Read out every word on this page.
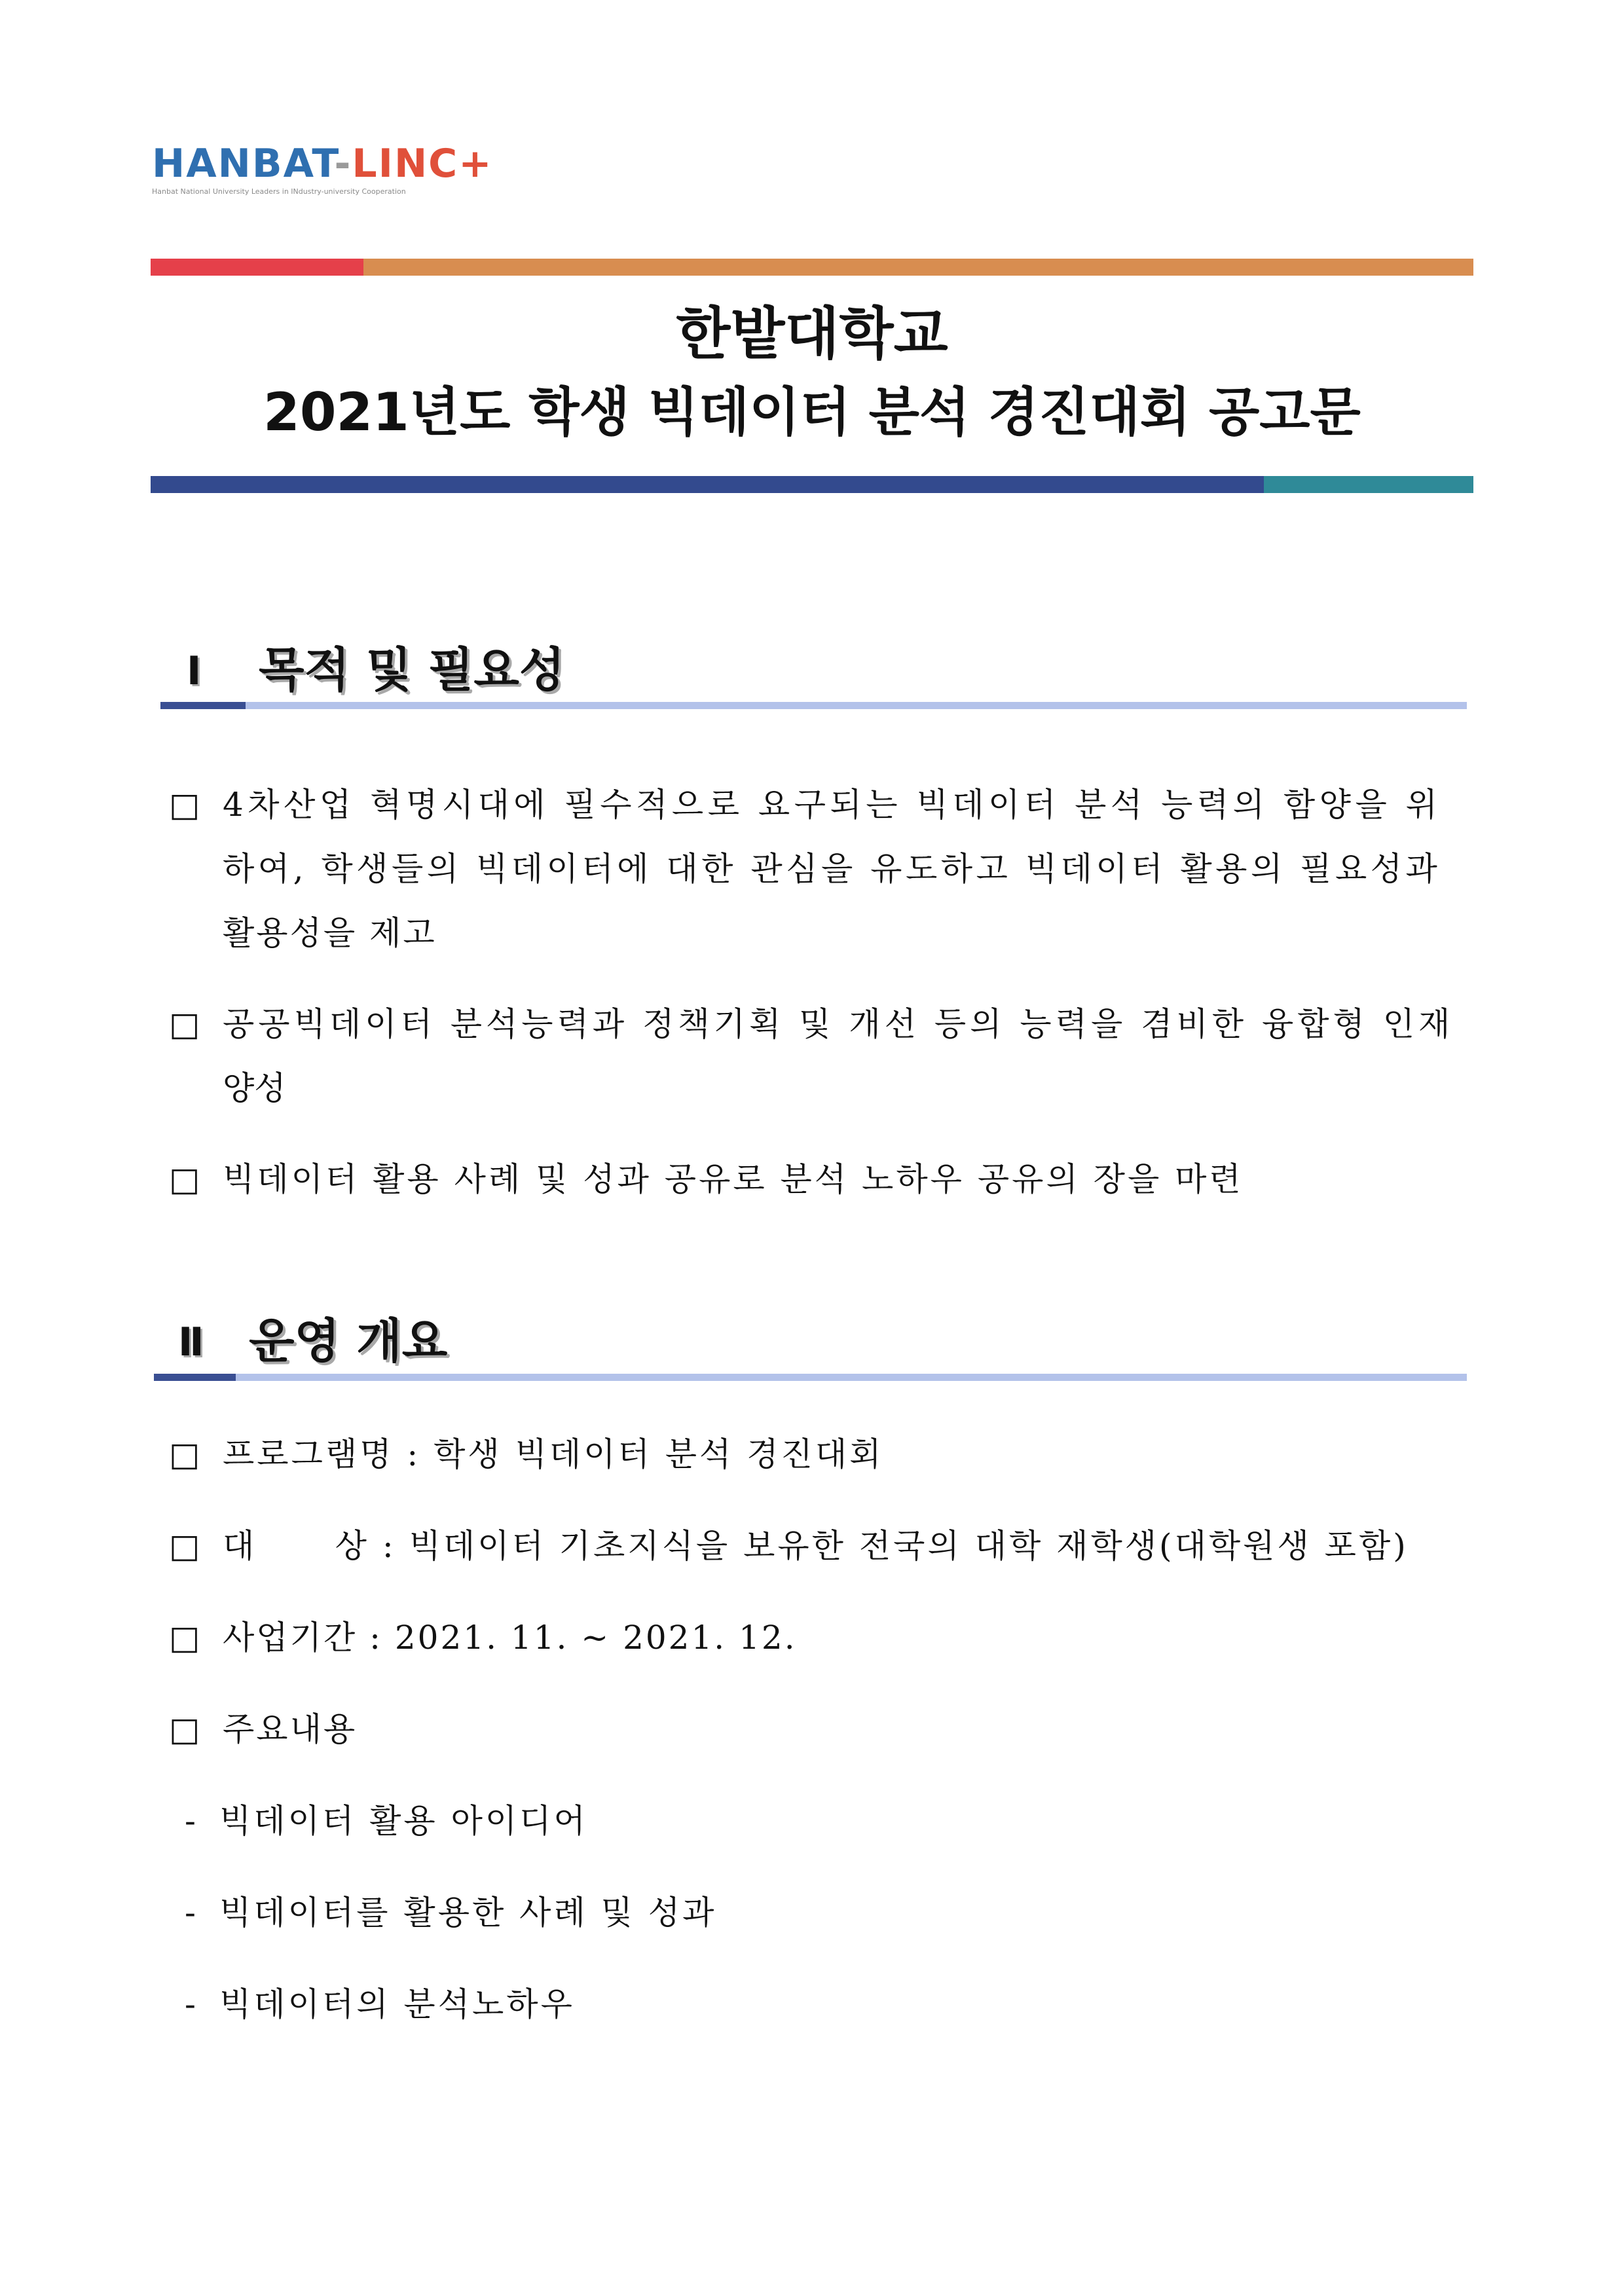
HANBAT-LINC+
Hanbat National University Leaders in INdustry-university Cooperation
한밭대학교
2021년도 학생 빅데이터 분석 경진대회 공고문
Ⅰ 목적 및 필요성
□ 4차산업 혁명시대에 필수적으로 요구되는 빅데이터 분석 능력의 함양을 위
하여, 학생들의 빅데이터에 대한 관심을 유도하고 빅데이터 활용의 필요성과
활용성을 제고
□ 공공빅데이터 분석능력과 정책기획 및 개선 등의 능력을 겸비한 융합형 인재
양성
□ 빅데이터 활용 사례 및 성과 공유로 분석 노하우 공유의 장을 마련
Ⅱ 운영 개요
□ 프로그램명 : 학생 빅데이터 분석 경진대회
□ 대      상 : 빅데이터 기초지식을 보유한 전국의 대학 재학생(대학원생 포함)
□ 사업기간 : 2021. 11. ~ 2021. 12.
□ 주요내용
- 빅데이터 활용 아이디어
- 빅데이터를 활용한 사례 및 성과
- 빅데이터의 분석노하우
